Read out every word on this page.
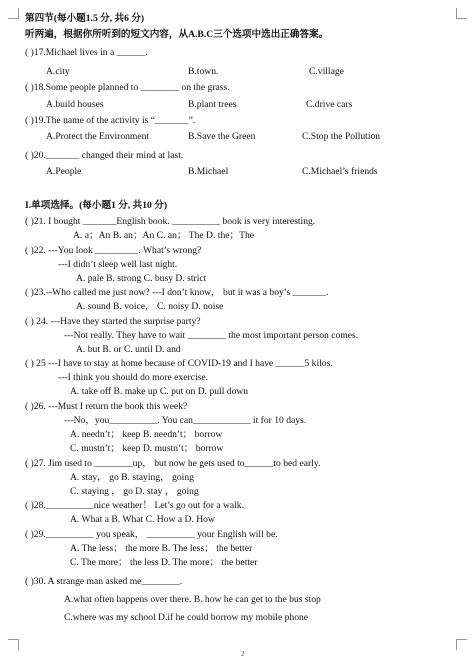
第四节(每小题1.5 分, 共6 分)
听两遍，根据你所听到的短文内容，从A.B.C三个选项中选出正确答案。
( )17.Michael lives in a ______.
A.city	B.town.	C.village
( )18.Some people planned to ________ on the grass.
A.build houses	B.plant trees	C.drive cars
( )19.The name of the activity is “_______”.
A.Protect the Environment	B.Save the Green	C.Stop the Pollution
( )20._______ changed their mind at last.
A.People	B.Michael	C.Michael’s friends
I.单项选择。(每小题1 分, 共10 分)
( )21. I bought _______English book. __________ book is very interesting.
A. a；An B. an；An C. an； The D. the；The
( )22. ---You look _________. What’s wrong?
---I didn’t sleep well last night.
A. pale B. strong C. busy D. strict
( )23.--Who called me just now? ---I don’t know， but it was a boy’s _______.
A. sound B. voice， C. noisy D. noise
( ) 24. ---Have they started the surprise party?
---Not really. They have to wait ________ the most important person comes.
A. but B. or C. until D. and
( ) 25 ---I have to stay at home because of COVID-19 and I have ______5 kilos.
---I think you should do more exercise.
A. take off B. make up C. put on D. pull down
( )26. ---Must I return the book this week?
---No，you__________. You can____________ it for 10 days.
A. needn’t； keep B. needn’t； borrow
C. mustn’t； keep D. mustn’t； borrow
( )27. Jim used to ________up， but now he gets used to______to bed early.
A. stay， go B. staying， going
C. staying ， go D. stay ， going
( )28.__________nice weather！ Let’s go out for a walk.
A. What a B. What C. How a D. How
( )29.__________ you speak， __________ your English will be.
A. The less； the more B. The less； the better
C. The more； the less D. The more； the better
( )30. A strange man asked me________.
A.what often happens over there. B. how he can get to the bus stop
C.where was my school D.if he could borrow my mobile phone
2
